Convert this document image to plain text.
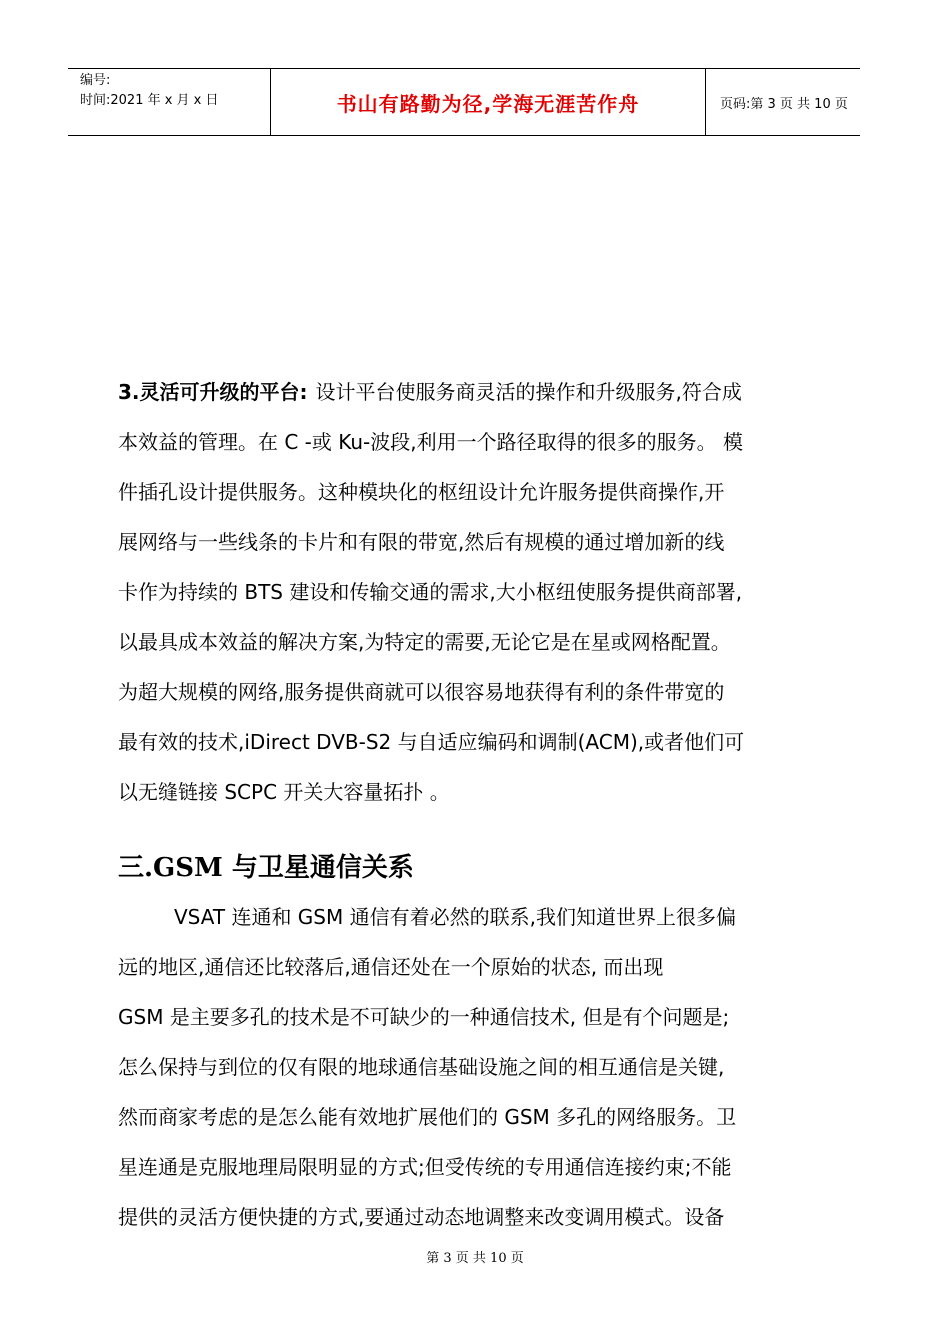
编号:
时间:2021 年 x 月 x 日	书山有路勤为径,学海无涯苦作舟	页码:第 3 页 共 10 页
3.灵活可升级的平台: 设计平台使服务商灵活的操作和升级服务,符合成
本效益的管理。在 C -或 Ku-波段,利用一个路径取得的很多的服务。 模
件插孔设计提供服务。这种模块化的枢纽设计允许服务提供商操作,开
展网络与一些线条的卡片和有限的带宽,然后有规模的通过增加新的线
卡作为持续的 BTS 建设和传输交通的需求,大小枢纽使服务提供商部署,
以最具成本效益的解决方案,为特定的需要,无论它是在星或网格配置。
为超大规模的网络,服务提供商就可以很容易地获得有利的条件带宽的
最有效的技术,iDirect DVB-S2 与自适应编码和调制(ACM),或者他们可
以无缝链接 SCPC 开关大容量拓扑 。
三.GSM 与卫星通信关系
VSAT 连通和 GSM 通信有着必然的联系,我们知道世界上很多偏
远的地区,通信还比较落后,通信还处在一个原始的状态, 而出现
GSM 是主要多孔的技术是不可缺少的一种通信技术, 但是有个问题是;
怎么保持与到位的仅有限的地球通信基础设施之间的相互通信是关键,
然而商家考虑的是怎么能有效地扩展他们的 GSM 多孔的网络服务。卫
星连通是克服地理局限明显的方式;但受传统的专用通信连接约束;不能
提供的灵活方便快捷的方式,要通过动态地调整来改变调用模式。设备
第 3 页 共 10 页
